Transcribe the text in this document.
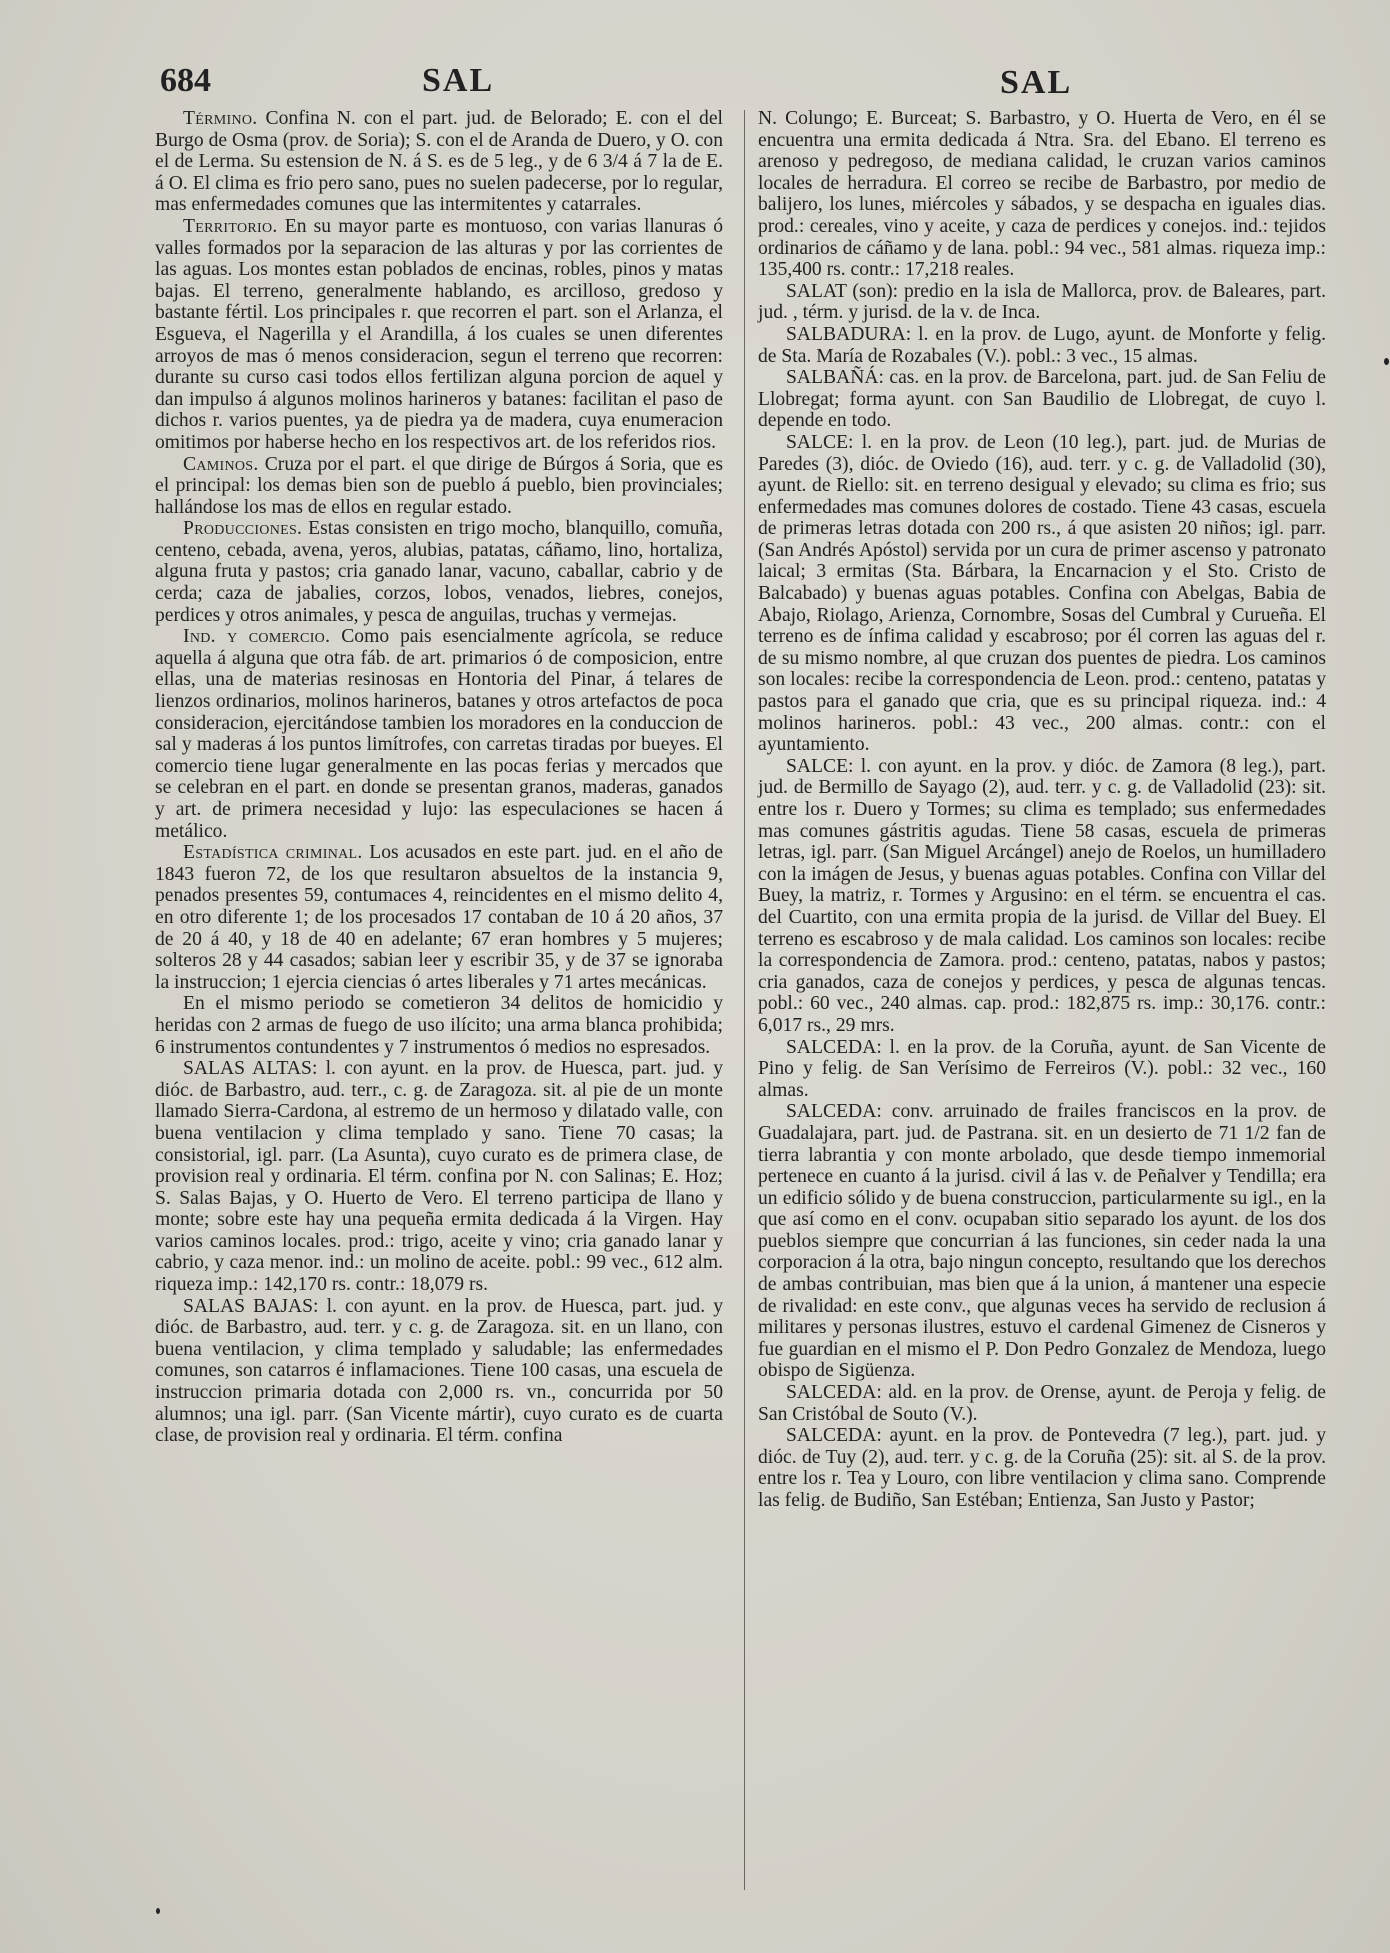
684	SAL	SAL

Término. Confina N. con el part. jud. de Belorado; E. con el del Burgo de Osma (prov. de Soria); S. con el de Aranda de Duero, y O. con el de Lerma. Su estension de N. á S. es de 5 leg., y de 6 3/4 á 7 la de E. á O. El clima es frio pero sano, pues no suelen padecerse, por lo regular, mas enfermedades comunes que las intermitentes y catarrales.

Territorio. En su mayor parte es montuoso, con varias llanuras ó valles formados por la separacion de las alturas y por las corrientes de las aguas. Los montes estan poblados de encinas, robles, pinos y matas bajas. El terreno, generalmente hablando, es arcilloso, gredoso y bastante fértil. Los principales r. que recorren el part. son el Arlanza, el Esgueva, el Nagerilla y el Arandilla, á los cuales se unen diferentes arroyos de mas ó menos consideracion, segun el terreno que recorren: durante su curso casi todos ellos fertilizan alguna porcion de aquel y dan impulso á algunos molinos harineros y batanes: facilitan el paso de dichos r. varios puentes, ya de piedra ya de madera, cuya enumeracion omitimos por haberse hecho en los respectivos art. de los referidos rios.

Caminos. Cruza por el part. el que dirige de Búrgos á Soria, que es el principal: los demas bien son de pueblo á pueblo, bien provinciales; hallándose los mas de ellos en regular estado.

Producciones. Estas consisten en trigo mocho, blanquillo, comuña, centeno, cebada, avena, yeros, alubias, patatas, cáñamo, lino, hortaliza, alguna fruta y pastos; cria ganado lanar, vacuno, caballar, cabrio y de cerda; caza de jabalies, corzos, lobos, venados, liebres, conejos, perdices y otros animales, y pesca de anguilas, truchas y vermejas.

Ind. y comercio. Como pais esencialmente agrícola, se reduce aquella á alguna que otra fáb. de art. primarios ó de composicion, entre ellas, una de materias resinosas en Hontoria del Pinar, á telares de lienzos ordinarios, molinos harineros, batanes y otros artefactos de poca consideracion, ejercitándose tambien los moradores en la conduccion de sal y maderas á los puntos limítrofes, con carretas tiradas por bueyes. El comercio tiene lugar generalmente en las pocas ferias y mercados que se celebran en el part. en donde se presentan granos, maderas, ganados y art. de primera necesidad y lujo: las especulaciones se hacen á metálico.

Estadística criminal. Los acusados en este part. jud. en el año de 1843 fueron 72, de los que resultaron absueltos de la instancia 9, penados presentes 59, contumaces 4, reincidentes en el mismo delito 4, en otro diferente 1; de los procesados 17 contaban de 10 á 20 años, 37 de 20 á 40, y 18 de 40 en adelante; 67 eran hombres y 5 mujeres; solteros 28 y 44 casados; sabian leer y escribir 35, y de 37 se ignoraba la instruccion; 1 ejercia ciencias ó artes liberales y 71 artes mecánicas.

En el mismo periodo se cometieron 34 delitos de homicidio y heridas con 2 armas de fuego de uso ilícito; una arma blanca prohibida; 6 instrumentos contundentes y 7 instrumentos ó medios no espresados.

SALAS ALTAS: l. con ayunt. en la prov. de Huesca, part. jud. y dióc. de Barbastro, aud. terr., c. g. de Zaragoza. sit. al pie de un monte llamado Sierra-Cardona, al estremo de un hermoso y dilatado valle, con buena ventilacion y clima templado y sano. Tiene 70 casas; la consistorial, igl. parr. (La Asunta), cuyo curato es de primera clase, de provision real y ordinaria. El térm. confina por N. con Salinas; E. Hoz; S. Salas Bajas, y O. Huerto de Vero. El terreno participa de llano y monte; sobre este hay una pequeña ermita dedicada á la Virgen. Hay varios caminos locales. prod.: trigo, aceite y vino; cria ganado lanar y cabrio, y caza menor. ind.: un molino de aceite. pobl.: 99 vec., 612 alm. riqueza imp.: 142,170 rs. contr.: 18,079 rs.

SALAS BAJAS: l. con ayunt. en la prov. de Huesca, part. jud. y dióc. de Barbastro, aud. terr. y c. g. de Zaragoza. sit. en un llano, con buena ventilacion, y clima templado y saludable; las enfermedades comunes, son catarros é inflamaciones. Tiene 100 casas, una escuela de instruccion primaria dotada con 2,000 rs. vn., concurrida por 50 alumnos; una igl. parr. (San Vicente mártir), cuyo curato es de cuarta clase, de provision real y ordinaria. El térm. confina

N. Colungo; E. Burceat; S. Barbastro, y O. Huerta de Vero, en él se encuentra una ermita dedicada á Ntra. Sra. del Ebano. El terreno es arenoso y pedregoso, de mediana calidad, le cruzan varios caminos locales de herradura. El correo se recibe de Barbastro, por medio de balijero, los lunes, miércoles y sábados, y se despacha en iguales dias. prod.: cereales, vino y aceite, y caza de perdices y conejos. ind.: tejidos ordinarios de cáñamo y de lana. pobl.: 94 vec., 581 almas. riqueza imp.: 135,400 rs. contr.: 17,218 reales.

SALAT (son): predio en la isla de Mallorca, prov. de Baleares, part. jud. , térm. y jurisd. de la v. de Inca.

SALBADURA: l. en la prov. de Lugo, ayunt. de Monforte y felig. de Sta. María de Rozabales (V.). pobl.: 3 vec., 15 almas.

SALBAÑÁ: cas. en la prov. de Barcelona, part. jud. de San Feliu de Llobregat; forma ayunt. con San Baudilio de Llobregat, de cuyo l. depende en todo.

SALCE: l. en la prov. de Leon (10 leg.), part. jud. de Murias de Paredes (3), dióc. de Oviedo (16), aud. terr. y c. g. de Valladolid (30), ayunt. de Riello: sit. en terreno desigual y elevado; su clima es frio; sus enfermedades mas comunes dolores de costado. Tiene 43 casas, escuela de primeras letras dotada con 200 rs., á que asisten 20 niños; igl. parr. (San Andrés Apóstol) servida por un cura de primer ascenso y patronato laical; 3 ermitas (Sta. Bárbara, la Encarnacion y el Sto. Cristo de Balcabado) y buenas aguas potables. Confina con Abelgas, Babia de Abajo, Riolago, Arienza, Cornombre, Sosas del Cumbral y Curueña. El terreno es de ínfima calidad y escabroso; por él corren las aguas del r. de su mismo nombre, al que cruzan dos puentes de piedra. Los caminos son locales: recibe la correspondencia de Leon. prod.: centeno, patatas y pastos para el ganado que cria, que es su principal riqueza. ind.: 4 molinos harineros. pobl.: 43 vec., 200 almas. contr.: con el ayuntamiento.

SALCE: l. con ayunt. en la prov. y dióc. de Zamora (8 leg.), part. jud. de Bermillo de Sayago (2), aud. terr. y c. g. de Valladolid (23): sit. entre los r. Duero y Tormes; su clima es templado; sus enfermedades mas comunes gástritis agudas. Tiene 58 casas, escuela de primeras letras, igl. parr. (San Miguel Arcángel) anejo de Roelos, un humilladero con la imágen de Jesus, y buenas aguas potables. Confina con Villar del Buey, la matriz, r. Tormes y Argusino: en el térm. se encuentra el cas. del Cuartito, con una ermita propia de la jurisd. de Villar del Buey. El terreno es escabroso y de mala calidad. Los caminos son locales: recibe la correspondencia de Zamora. prod.: centeno, patatas, nabos y pastos; cria ganados, caza de conejos y perdices, y pesca de algunas tencas. pobl.: 60 vec., 240 almas. cap. prod.: 182,875 rs. imp.: 30,176. contr.: 6,017 rs., 29 mrs.

SALCEDA: l. en la prov. de la Coruña, ayunt. de San Vicente de Pino y felig. de San Verísimo de Ferreiros (V.). pobl.: 32 vec., 160 almas.

SALCEDA: conv. arruinado de frailes franciscos en la prov. de Guadalajara, part. jud. de Pastrana. sit. en un desierto de 71 1/2 fan de tierra labrantia y con monte arbolado, que desde tiempo inmemorial pertenece en cuanto á la jurisd. civil á las v. de Peñalver y Tendilla; era un edificio sólido y de buena construccion, particularmente su igl., en la que así como en el conv. ocupaban sitio separado los ayunt. de los dos pueblos siempre que concurrian á las funciones, sin ceder nada la una corporacion á la otra, bajo ningun concepto, resultando que los derechos de ambas contribuian, mas bien que á la union, á mantener una especie de rivalidad: en este conv., que algunas veces ha servido de reclusion á militares y personas ilustres, estuvo el cardenal Gimenez de Cisneros y fue guardian en el mismo el P. Don Pedro Gonzalez de Mendoza, luego obispo de Sigüenza.

SALCEDA: ald. en la prov. de Orense, ayunt. de Peroja y felig. de San Cristóbal de Souto (V.).

SALCEDA: ayunt. en la prov. de Pontevedra (7 leg.), part. jud. y dióc. de Tuy (2), aud. terr. y c. g. de la Coruña (25): sit. al S. de la prov. entre los r. Tea y Louro, con libre ventilacion y clima sano. Comprende las felig. de Budiño, San Estéban; Entienza, San Justo y Pastor;
